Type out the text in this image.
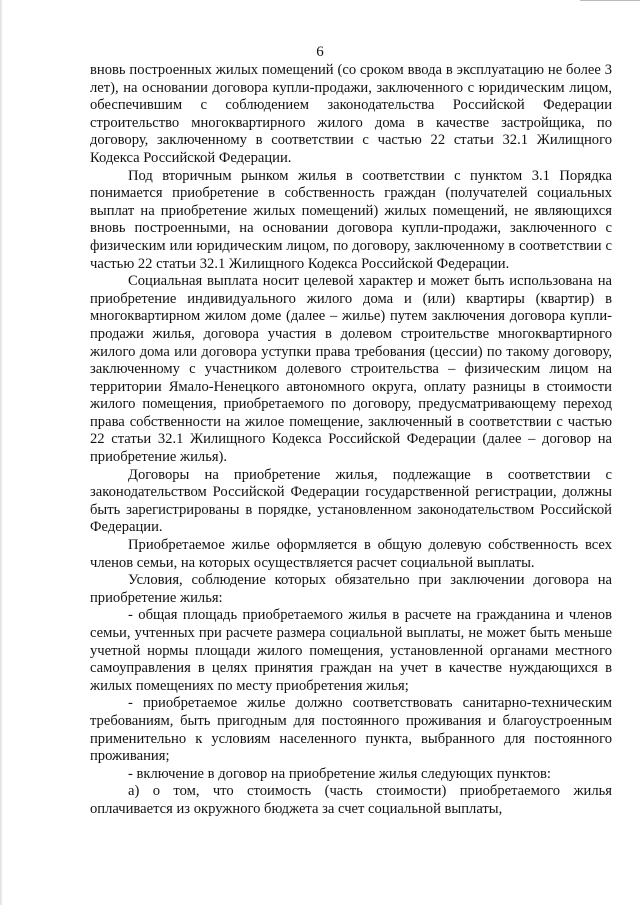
6

вновь построенных жилых помещений (со сроком ввода в эксплуатацию не более 3 лет), на основании договора купли-продажи, заключенного с юридическим лицом, обеспечившим с соблюдением законодательства Российской Федерации строительство многоквартирного жилого дома в качестве застройщика, по договору, заключенному в соответствии с частью 22 статьи 32.1 Жилищного Кодекса Российской Федерации.

Под вторичным рынком жилья в соответствии с пунктом 3.1 Порядка понимается приобретение в собственность граждан (получателей социальных выплат на приобретение жилых помещений) жилых помещений, не являющихся вновь построенными, на основании договора купли-продажи, заключенного с физическим или юридическим лицом, по договору, заключенному в соответствии с частью 22 статьи 32.1 Жилищного Кодекса Российской Федерации.

Социальная выплата носит целевой характер и может быть использована на приобретение индивидуального жилого дома и (или) квартиры (квартир) в многоквартирном жилом доме (далее – жилье) путем заключения договора купли-продажи жилья, договора участия в долевом строительстве многоквартирного жилого дома или договора уступки права требования (цессии) по такому договору, заключенному с участником долевого строительства – физическим лицом на территории Ямало-Ненецкого автономного округа, оплату разницы в стоимости жилого помещения, приобретаемого по договору, предусматривающему переход права собственности на жилое помещение, заключенный в соответствии с частью 22 статьи 32.1 Жилищного Кодекса Российской Федерации (далее – договор на приобретение жилья).

Договоры на приобретение жилья, подлежащие в соответствии с законодательством Российской Федерации государственной регистрации, должны быть зарегистрированы в порядке, установленном законодательством Российской Федерации.

Приобретаемое жилье оформляется в общую долевую собственность всех членов семьи, на которых осуществляется расчет социальной выплаты.

Условия, соблюдение которых обязательно при заключении договора на приобретение жилья:

- общая площадь приобретаемого жилья в расчете на гражданина и членов семьи, учтенных при расчете размера социальной выплаты, не может быть меньше учетной нормы площади жилого помещения, установленной органами местного самоуправления в целях принятия граждан на учет в качестве нуждающихся в жилых помещениях по месту приобретения жилья;

- приобретаемое жилье должно соответствовать санитарно-техническим требованиям, быть пригодным для постоянного проживания и благоустроенным применительно к условиям населенного пункта, выбранного для постоянного проживания;

- включение в договор на приобретение жилья следующих пунктов:

а) о том, что стоимость (часть стоимости) приобретаемого жилья оплачивается из окружного бюджета за счет социальной выплаты,
